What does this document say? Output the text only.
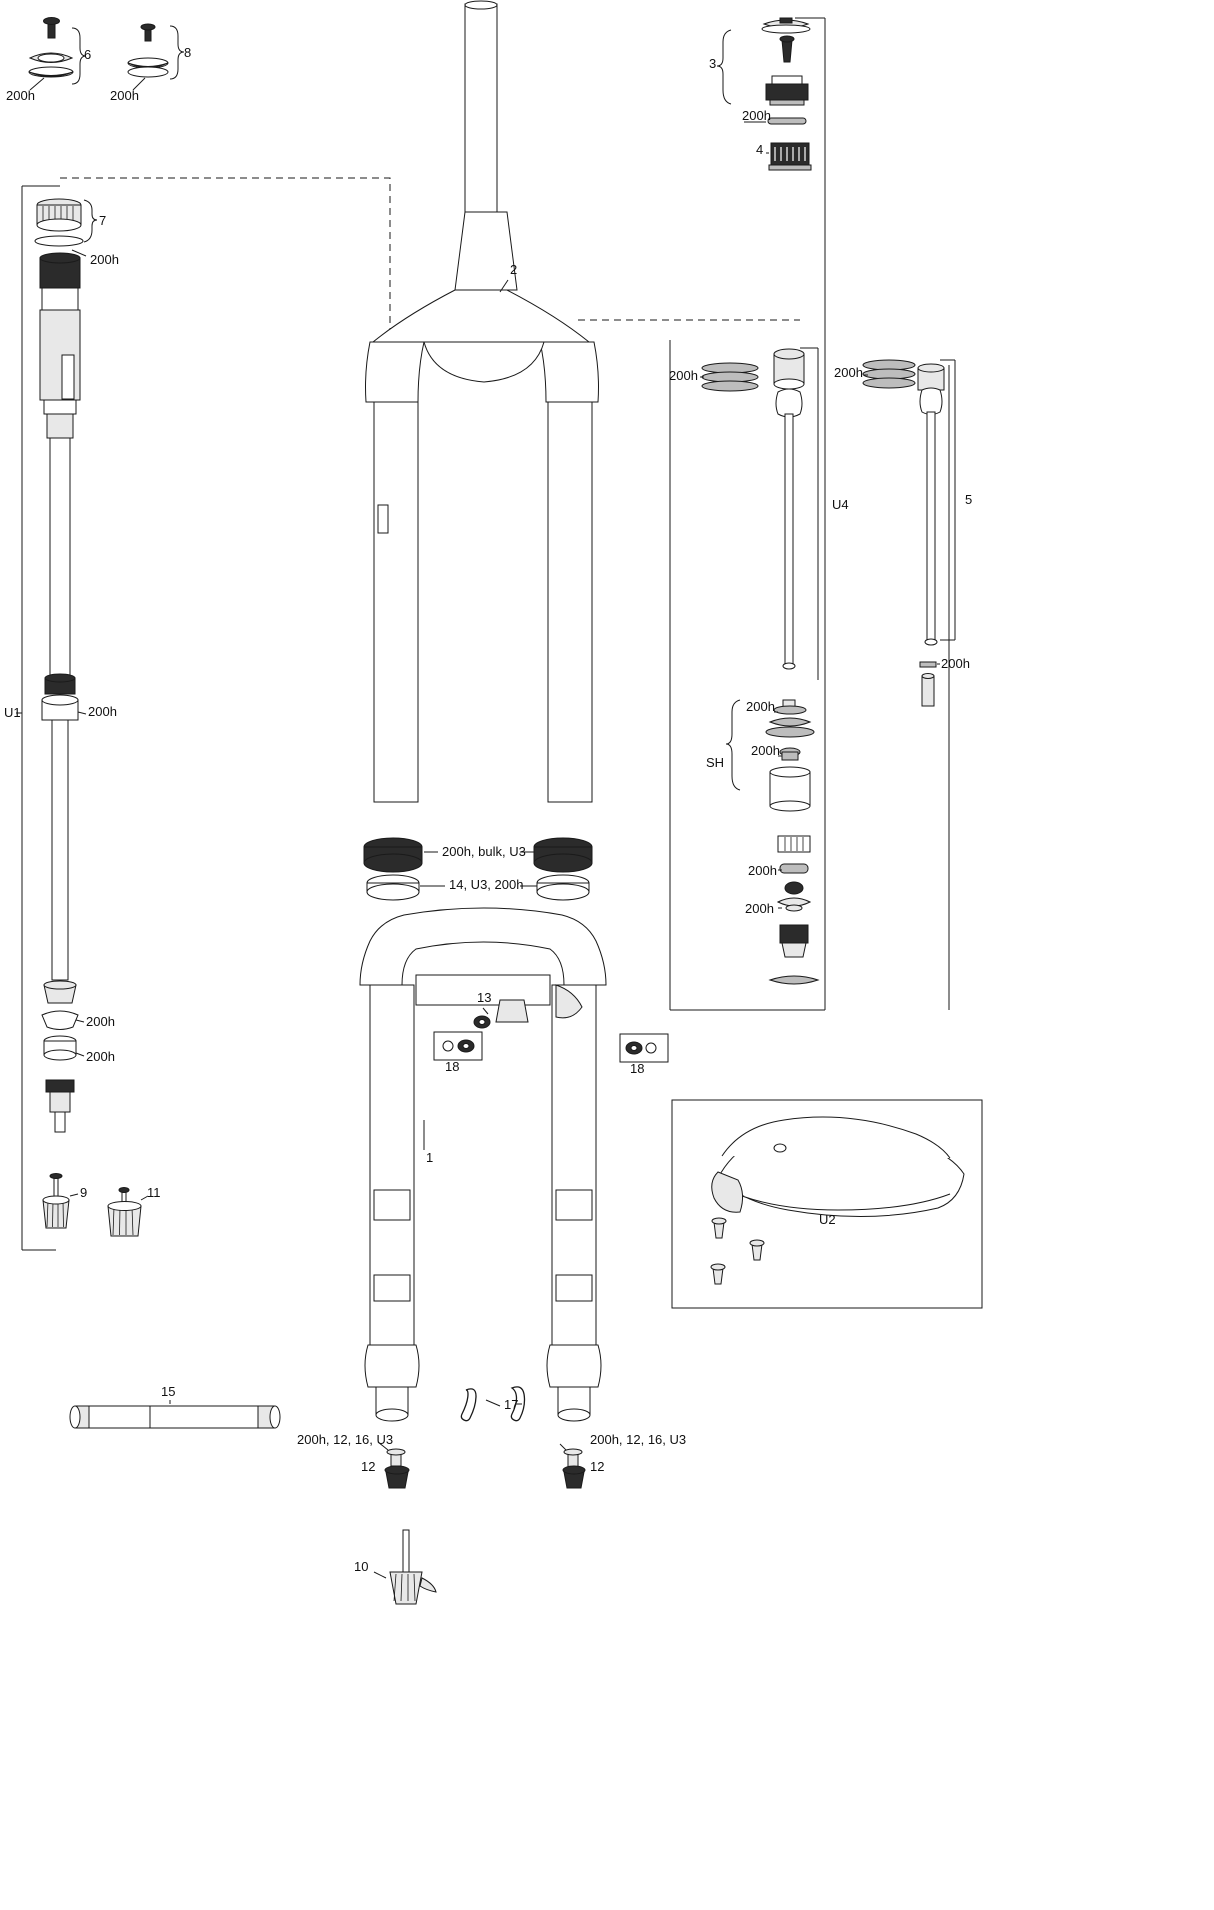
6	8
200h	200h
3
200h
4
7
200h
2
200h	200h
U4	5
U1	200h
200h
200h
200h
SH
200h, bulk, U3
14, U3, 200h
200h
200h
13
18	18
200h
200h
1
9	11
U2
15
17
200h, 12, 16, U3	200h, 12, 16, U3
12	12
10
